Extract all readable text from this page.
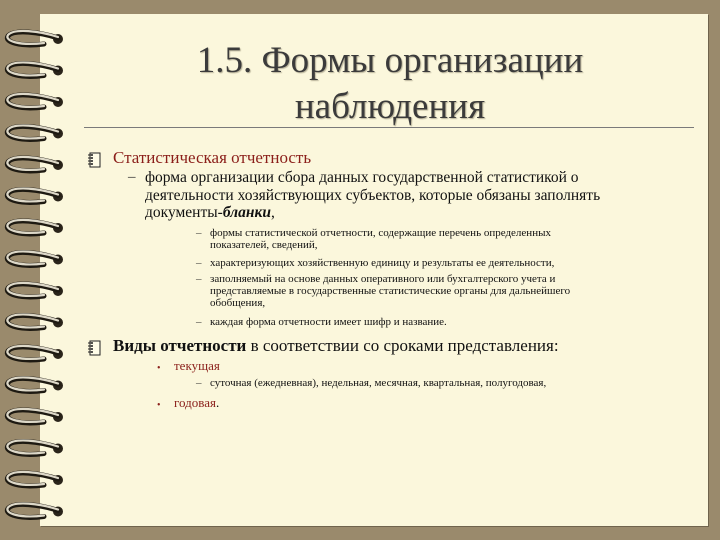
1.5. Формы организации
наблюдения
Статистическая отчетность
– форма организации сбора данных государственной статистикой о
деятельности хозяйствующих субъектов, которые обязаны заполнять
документы-бланки,
– формы статистической отчетности, содержащие перечень определенных
показателей, сведений,
– характеризующих хозяйственную единицу и результаты ее деятельности,
– заполняемый на основе данных оперативного или бухгалтерского учета и
представляемые в государственные статистические органы для дальнейшего
обобщения,
– каждая форма отчетности имеет шифр и название.
Виды отчетности в соответствии со сроками представления:
• текущая
– суточная (ежедневная), недельная, месячная, квартальная, полугодовая,
• годовая.
